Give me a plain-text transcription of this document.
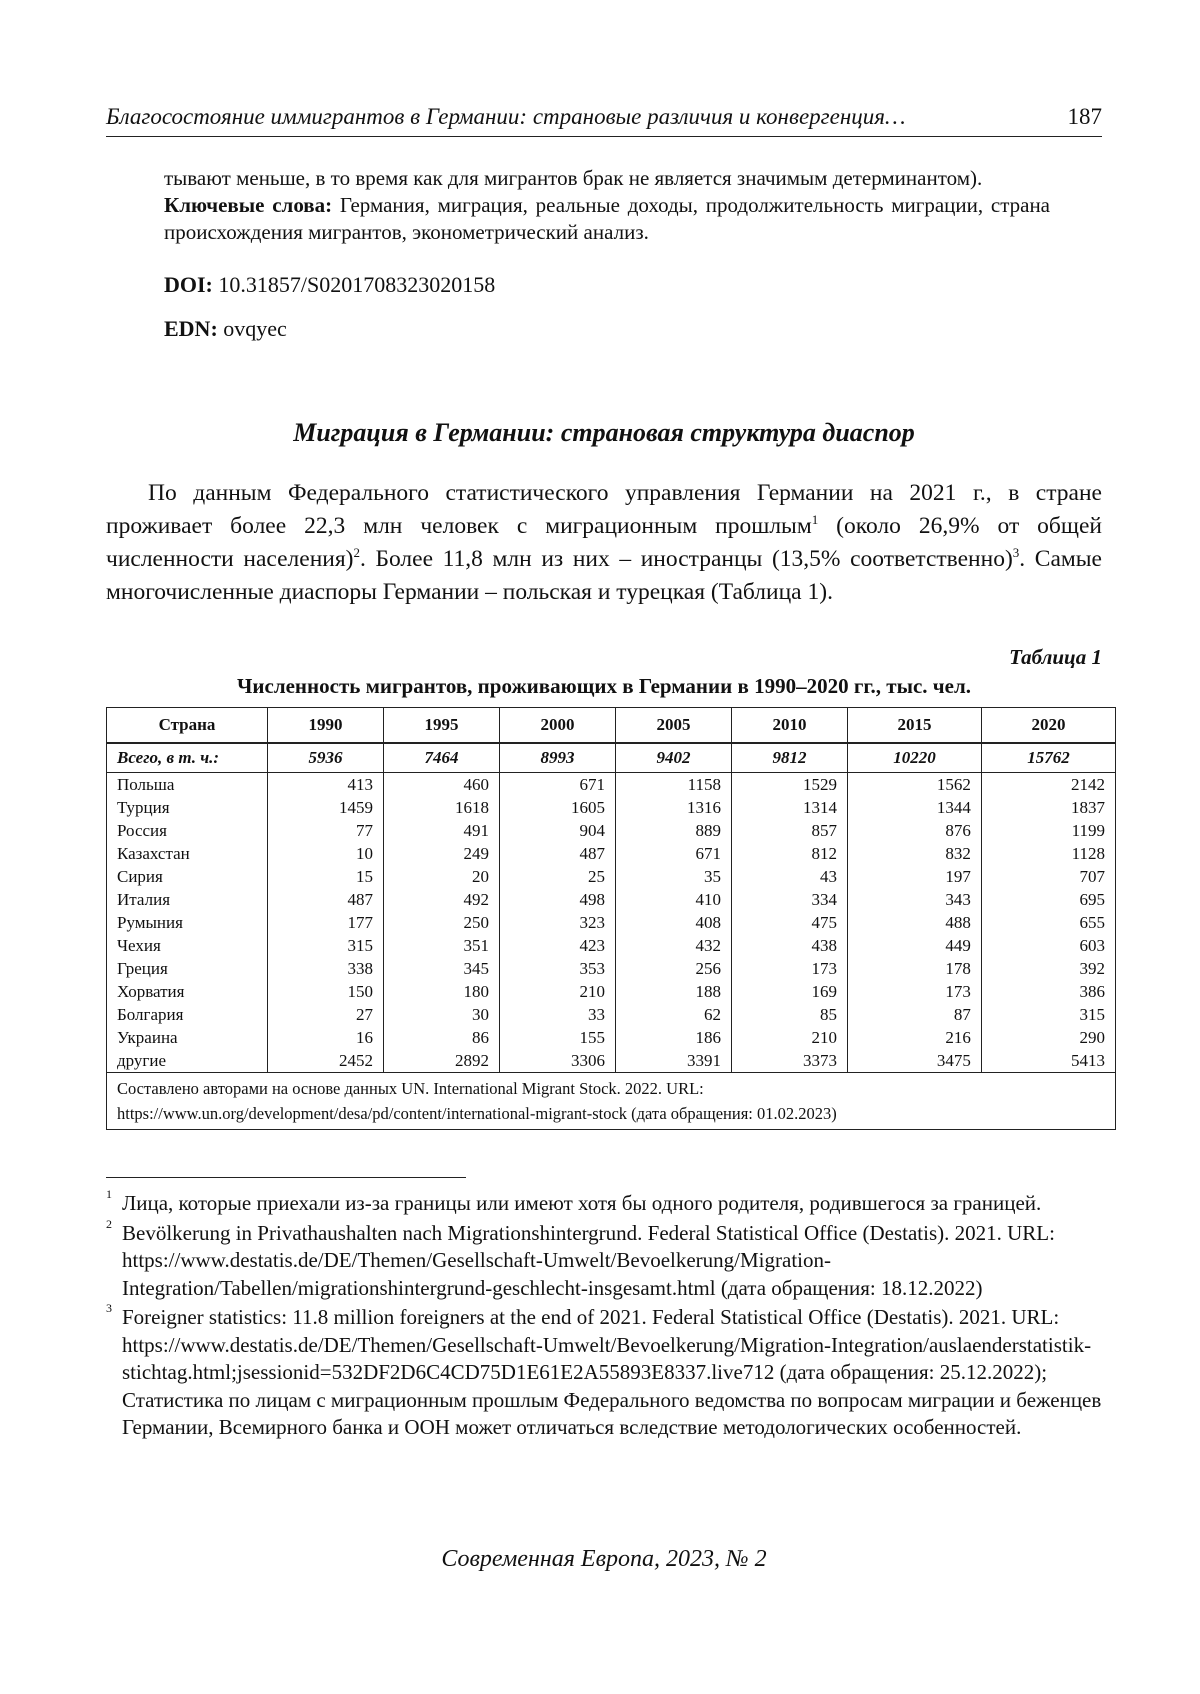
Благосостояние иммигрантов в Германии: страновые различия и конвергенция…	187

тывают меньше, в то время как для мигрантов брак не является значимым детерминантом).

Ключевые слова: Германия, миграция, реальные доходы, продолжительность миграции, страна происхождения мигрантов, эконометрический анализ.

DOI: 10.31857/S0201708323020158
EDN: ovqyec
Миграция в Германии: страновая структура диаспор

По данным Федерального статистического управления Германии на 2021 г., в стране проживает более 22,3 млн человек с миграционным прошлым$^1$ (около 26,9% от общей численности населения)$^2$. Более 11,8 млн из них – иностранцы (13,5% соответственно)$^3$. Самые многочисленные диаспоры Германии – польская и турецкая (Таблица 1).

Таблица 1
Численность мигрантов, проживающих в Германии в 1990–2020 гг., тыс. чел.
Страна	1990	1995	2000	2005	2010	2015	2020
Всего, в т. ч.:	5936	7464	8993	9402	9812	10220	15762
Польша	413	460	671	1158	1529	1562	2142
Турция	1459	1618	1605	1316	1314	1344	1837
Россия	77	491	904	889	857	876	1199
Казахстан	10	249	487	671	812	832	1128
Сирия	15	20	25	35	43	197	707
Италия	487	492	498	410	334	343	695
Румыния	177	250	323	408	475	488	655
Чехия	315	351	423	432	438	449	603
Греция	338	345	353	256	173	178	392
Хорватия	150	180	210	188	169	173	386
Болгария	27	30	33	62	85	87	315
Украина	16	86	155	186	210	216	290
другие	2452	2892	3306	3391	3373	3475	5413

Составлено авторами на основе данных UN. International Migrant Stock. 2022. URL:
https://www.un.org/development/desa/pd/content/international-migrant-stock (дата обращения: 01.02.2023)							

1 Лица, которые приехали из-за границы или имеют хотя бы одного родителя, родившегося за границей.

2 Bevölkerung in Privathaushalten nach Migrationshintergrund. Federal Statistical Office (Destatis). 2021. URL: https://www.destatis.de/DE/Themen/Gesellschaft-Umwelt/Bevoelkerung/Migration-Integration/Tabellen/migrationshintergrund-geschlecht-insgesamt.html (дата обращения: 18.12.2022)

3 Foreigner statistics: 11.8 million foreigners at the end of 2021. Federal Statistical Office (Destatis). 2021. URL: https://www.destatis.de/DE/Themen/Gesellschaft-Umwelt/Bevoelkerung/Migration-Integration/auslaenderstatistik-stichtag.html;jsessionid=532DF2D6C4CD75D1E61E2A55893E8337.live712 (дата обращения: 25.12.2022); Статистика по лицам с миграционным прошлым Федерального ведомства по вопросам миграции и беженцев Германии, Всемирного банка и ООН может отличаться вследствие методологических особенностей.

Современная Европа, 2023, № 2
